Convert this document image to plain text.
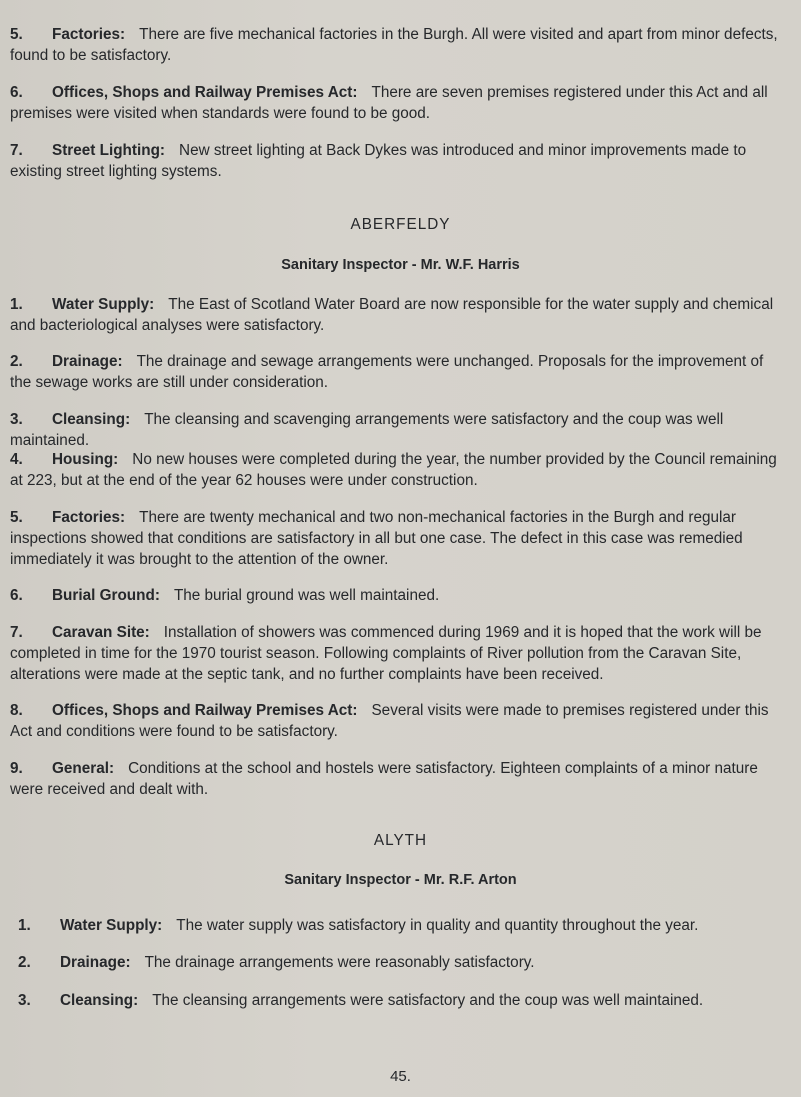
5. Factories: There are five mechanical factories in the Burgh. All were visited and apart from minor defects, found to be satisfactory.

6. Offices, Shops and Railway Premises Act: There are seven premises registered under this Act and all premises were visited when standards were found to be good.

7. Street Lighting: New street lighting at Back Dykes was introduced and minor improvements made to existing street lighting systems.

ABERFELDY

Sanitary Inspector - Mr. W.F. Harris

1. Water Supply: The East of Scotland Water Board are now responsible for the water supply and chemical and bacteriological analyses were satisfactory.

2. Drainage: The drainage and sewage arrangements were unchanged. Proposals for the improvement of the sewage works are still under consideration.

3. Cleansing: The cleansing and scavenging arrangements were satisfactory and the coup was well maintained.

4. Housing: No new houses were completed during the year, the number provided by the Council remaining at 223, but at the end of the year 62 houses were under construction.

5. Factories: There are twenty mechanical and two non-mechanical factories in the Burgh and regular inspections showed that conditions are satisfactory in all but one case. The defect in this case was remedied immediately it was brought to the attention of the owner.

6. Burial Ground: The burial ground was well maintained.

7. Caravan Site: Installation of showers was commenced during 1969 and it is hoped that the work will be completed in time for the 1970 tourist season. Following complaints of River pollution from the Caravan Site, alterations were made at the septic tank, and no further complaints have been received.

8. Offices, Shops and Railway Premises Act: Several visits were made to premises registered under this Act and conditions were found to be satisfactory.

9. General: Conditions at the school and hostels were satisfactory. Eighteen complaints of a minor nature were received and dealt with.

ALYTH

Sanitary Inspector - Mr. R.F. Arton

1. Water Supply: The water supply was satisfactory in quality and quantity throughout the year.

2. Drainage: The drainage arrangements were reasonably satisfactory.

3. Cleansing: The cleansing arrangements were satisfactory and the coup was well maintained.

45.
